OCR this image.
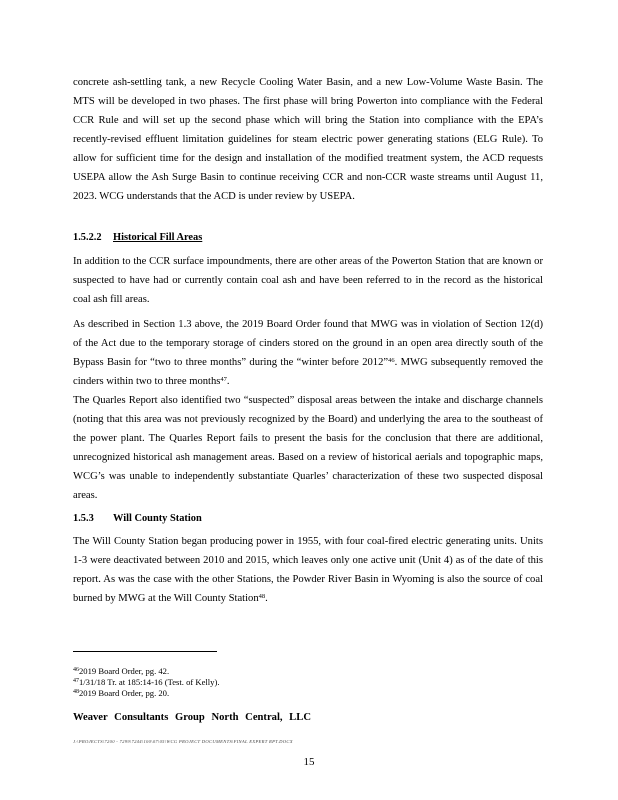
concrete ash-settling tank, a new Recycle Cooling Water Basin, and a new Low-Volume Waste Basin. The MTS will be developed in two phases. The first phase will bring Powerton into compliance with the Federal CCR Rule and will set up the second phase which will bring the Station into compliance with the EPA’s recently-revised effluent limitation guidelines for steam electric power generating stations (ELG Rule). To allow for sufficient time for the design and installation of the modified treatment system, the ACD requests USEPA allow the Ash Surge Basin to continue receiving CCR and non-CCR waste streams until August 11, 2023. WCG understands that the ACD is under review by USEPA.

1.5.2.2 Historical Fill Areas

In addition to the CCR surface impoundments, there are other areas of the Powerton Station that are known or suspected to have had or currently contain coal ash and have been referred to in the record as the historical coal ash fill areas.

As described in Section 1.3 above, the 2019 Board Order found that MWG was in violation of Section 12(d) of the Act due to the temporary storage of cinders stored on the ground in an open area directly south of the Bypass Basin for “two to three months” during the “winter before 2012”$^{46}$. MWG subsequently removed the cinders within two to three months$^{47}$.

The Quarles Report also identified two “suspected” disposal areas between the intake and discharge channels (noting that this area was not previously recognized by the Board) and underlying the area to the southeast of the power plant. The Quarles Report fails to present the basis for the conclusion that there are additional, unrecognized historical ash management areas. Based on a review of historical aerials and topographic maps, WCG’s was unable to independently substantiate Quarles’ characterization of these two suspected disposal areas.

1.5.3 Will County Station

The Will County Station began producing power in 1955, with four coal-fired electric generating units. Units 1-3 were deactivated between 2010 and 2015, which leaves only one active unit (Unit 4) as of the date of this report. As was the case with the other Stations, the Powder River Basin in Wyoming is also the source of coal burned by MWG at the Will County Station$^{48}$.

$^{46}$2019 Board Order, pg. 42.

$^{47}$1/31/18 Tr. at 185:14-16 (Test. of Kelly).

$^{48}$2019 Board Order, pg. 20.

Weaver Consultants Group North Central, LLC

J:\PROJECTS\7200 - 7299\7244\100\07\05\WCG PROJECT DOCUMENTS\FINAL EXPERT RPT.DOCX

15
